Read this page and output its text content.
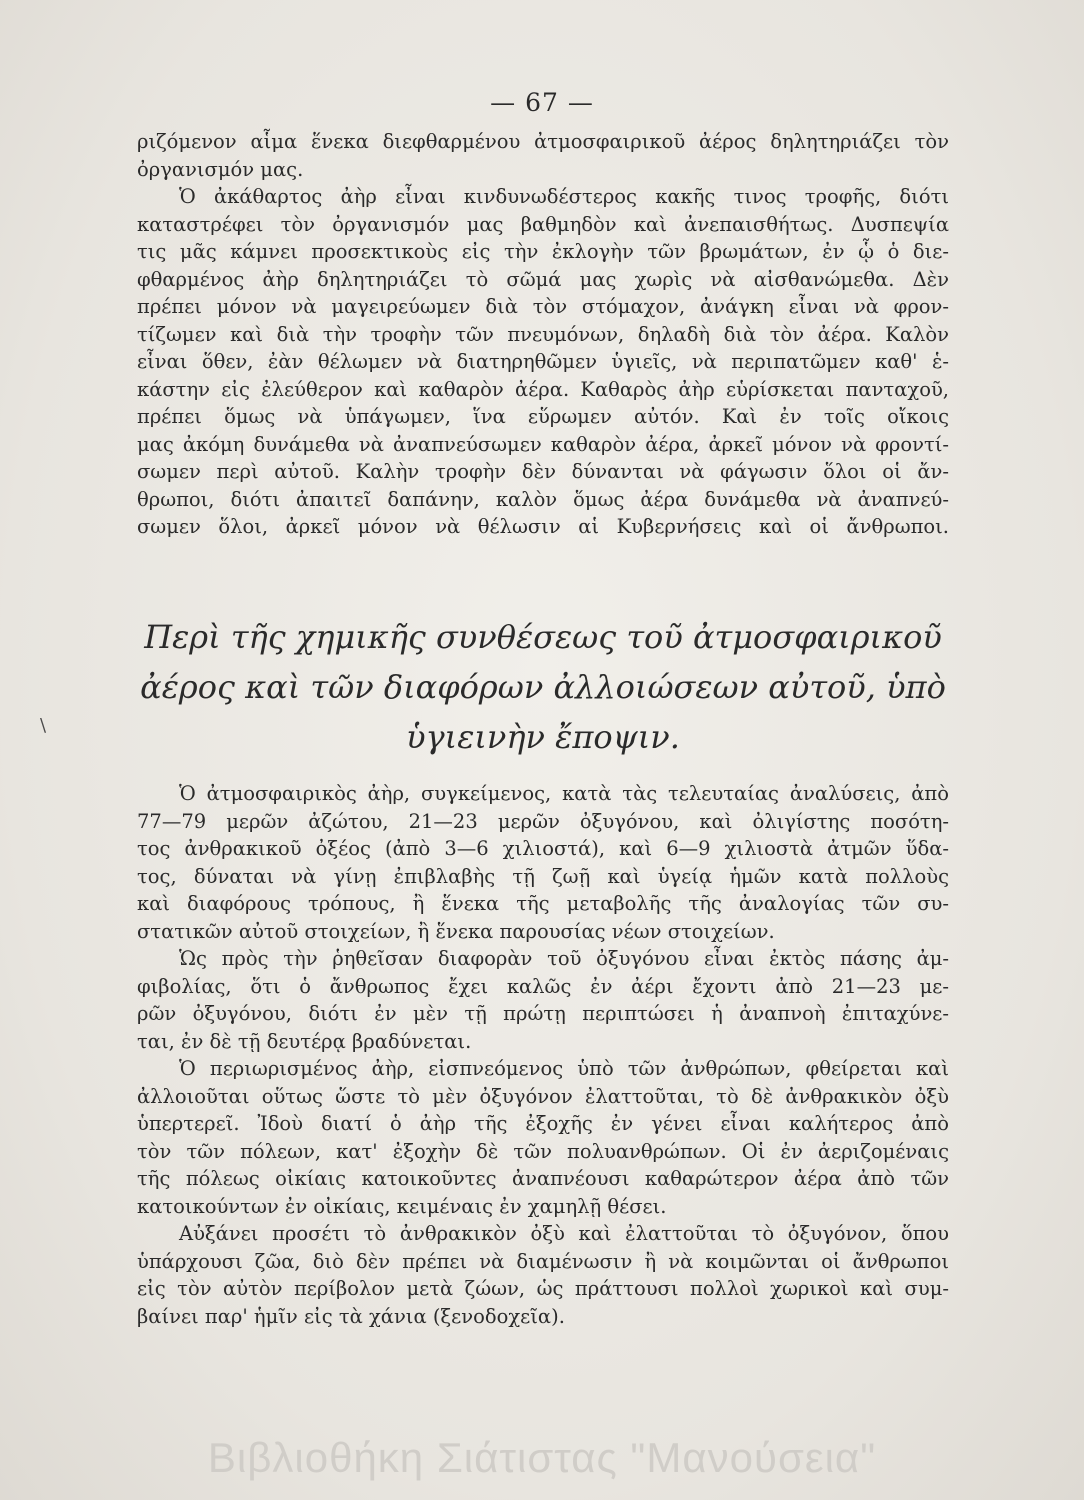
— 67 —
ριζόμενον αἷμα ἕνεκα διεφθαρμένου ἀτμοσφαιρικοῦ ἀέρος δηλητηριάζει τὸν
ὀργανισμόν μας.
Ὁ ἀκάθαρτος ἀὴρ εἶναι κινδυνωδέστερος κακῆς τινος τροφῆς, διότι
καταστρέφει τὸν ὀργανισμόν μας βαθμηδὸν καὶ ἀνεπαισθήτως. Δυσπεψία
τις μᾶς κάμνει προσεκτικοὺς εἰς τὴν ἐκλογὴν τῶν βρωμάτων, ἐν ᾧ ὁ διε-
φθαρμένος ἀὴρ δηλητηριάζει τὸ σῶμά μας χωρὶς νὰ αἰσθανώμεθα. Δὲν
πρέπει μόνον νὰ μαγειρεύωμεν διὰ τὸν στόμαχον, ἀνάγκη εἶναι νὰ φρον-
τίζωμεν καὶ διὰ τὴν τροφὴν τῶν πνευμόνων, δηλαδὴ διὰ τὸν ἀέρα. Καλὸν
εἶναι ὅθεν, ἐὰν θέλωμεν νὰ διατηρηθῶμεν ὑγιεῖς, νὰ περιπατῶμεν καθ' ἑ-
κάστην εἰς ἐλεύθερον καὶ καθαρὸν ἀέρα. Καθαρὸς ἀὴρ εὑρίσκεται πανταχοῦ,
πρέπει ὅμως νὰ ὑπάγωμεν, ἵνα εὕρωμεν αὐτόν. Καὶ ἐν τοῖς οἴκοις
μας ἀκόμη δυνάμεθα νὰ ἀναπνεύσωμεν καθαρὸν ἀέρα, ἀρκεῖ μόνον νὰ φροντί-
σωμεν περὶ αὐτοῦ. Καλὴν τροφὴν δὲν δύνανται νὰ φάγωσιν ὅλοι οἱ ἄν-
θρωποι, διότι ἀπαιτεῖ δαπάνην, καλὸν ὅμως ἀέρα δυνάμεθα νὰ ἀναπνεύ-
σωμεν ὅλοι, ἀρκεῖ μόνον νὰ θέλωσιν αἱ Κυβερνήσεις καὶ οἱ ἄνθρωποι.
Περὶ τῆς χημικῆς συνθέσεως τοῦ ἀτμοσφαιρικοῦ
ἀέρος καὶ τῶν διαφόρων ἀλλοιώσεων αὐτοῦ, ὑπὸ
ὑγιεινὴν ἔποψιν.
Ὁ ἀτμοσφαιρικὸς ἀὴρ, συγκείμενος, κατὰ τὰς τελευταίας ἀναλύσεις, ἀπὸ
77—79 μερῶν ἀζώτου, 21—23 μερῶν ὀξυγόνου, καὶ ὀλιγίστης ποσότη-
τος ἀνθρακικοῦ ὀξέος (ἀπὸ 3—6 χιλιοστά), καὶ 6—9 χιλιοστὰ ἀτμῶν ὕδα-
τος, δύναται νὰ γίνῃ ἐπιβλαβὴς τῇ ζωῇ καὶ ὑγείᾳ ἡμῶν κατὰ πολλοὺς
καὶ διαφόρους τρόπους, ἢ ἕνεκα τῆς μεταβολῆς τῆς ἀναλογίας τῶν συ-
στατικῶν αὐτοῦ στοιχείων, ἢ ἕνεκα παρουσίας νέων στοιχείων.
Ὡς πρὸς τὴν ῥηθεῖσαν διαφορὰν τοῦ ὀξυγόνου εἶναι ἐκτὸς πάσης ἀμ-
φιβολίας, ὅτι ὁ ἄνθρωπος ἔχει καλῶς ἐν ἀέρι ἔχοντι ἀπὸ 21—23 με-
ρῶν ὀξυγόνου, διότι ἐν μὲν τῇ πρώτῃ περιπτώσει ἡ ἀναπνοὴ ἐπιταχύνε-
ται, ἐν δὲ τῇ δευτέρᾳ βραδύνεται.
Ὁ περιωρισμένος ἀὴρ, εἰσπνεόμενος ὑπὸ τῶν ἀνθρώπων, φθείρεται καὶ
ἀλλοιοῦται οὕτως ὥστε τὸ μὲν ὀξυγόνον ἐλαττοῦται, τὸ δὲ ἀνθρακικὸν ὀξὺ
ὑπερτερεῖ. Ἰδοὺ διατί ὁ ἀὴρ τῆς ἐξοχῆς ἐν γένει εἶναι καλήτερος ἀπὸ
τὸν τῶν πόλεων, κατ' ἐξοχὴν δὲ τῶν πολυανθρώπων. Οἱ ἐν ἀεριζομέναις
τῆς πόλεως οἰκίαις κατοικοῦντες ἀναπνέουσι καθαρώτερον ἀέρα ἀπὸ τῶν
κατοικούντων ἐν οἰκίαις, κειμέναις ἐν χαμηλῇ θέσει.
Αὐξάνει προσέτι τὸ ἀνθρακικὸν ὀξὺ καὶ ἐλαττοῦται τὸ ὀξυγόνον, ὅπου
ὑπάρχουσι ζῶα, διὸ δὲν πρέπει νὰ διαμένωσιν ἢ νὰ κοιμῶνται οἱ ἄνθρωποι
εἰς τὸν αὐτὸν περίβολον μετὰ ζώων, ὡς πράττουσι πολλοὶ χωρικοὶ καὶ συμ-
βαίνει παρ' ἡμῖν εἰς τὰ χάνια (ξενοδοχεῖα).
\
Βιβλιοθήκη Σιάτιστας "Μανούσεια"
